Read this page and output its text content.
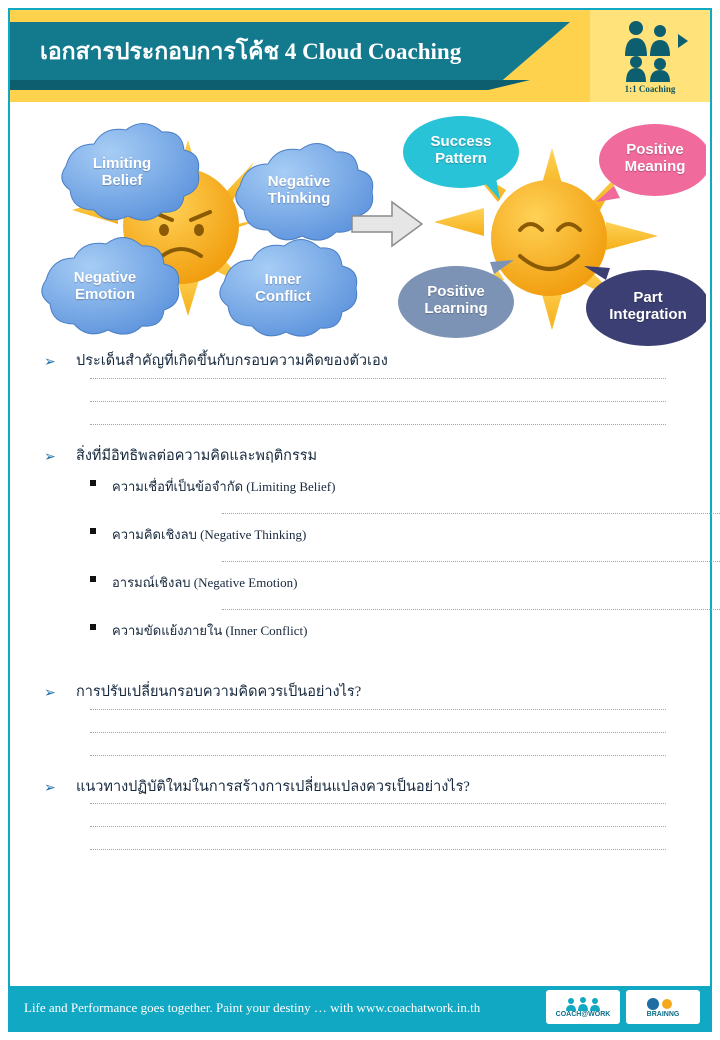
เอกสารประกอบการโค้ช 4 Cloud Coaching
1:1 Coaching
Limiting
Belief	Negative
Thinking
Negative
Emotion
Inner
Conflict
Success
Pattern
Positive
Meaning
Positive
Learning
Part
Integration
➢ ประเด็นสำคัญที่เกิดขึ้นกับกรอบความคิดของตัวเอง
➢ สิ่งที่มีอิทธิพลต่อความคิดและพฤติกรรม
ความเชื่อที่เป็นข้อจำกัด (Limiting Belief)
ความคิดเชิงลบ (Negative Thinking)
อารมณ์เชิงลบ (Negative Emotion)
ความขัดแย้งภายใน (Inner Conflict)
➢ การปรับเปลี่ยนกรอบความคิดควรเป็นอย่างไร?
➢ แนวทางปฏิบัติใหม่ในการสร้างการเปลี่ยนแปลงควรเป็นอย่างไร?
Life and Performance goes together. Paint your destiny … with www.coachatwork.in.th	COACH@WORK	BRAINNG
